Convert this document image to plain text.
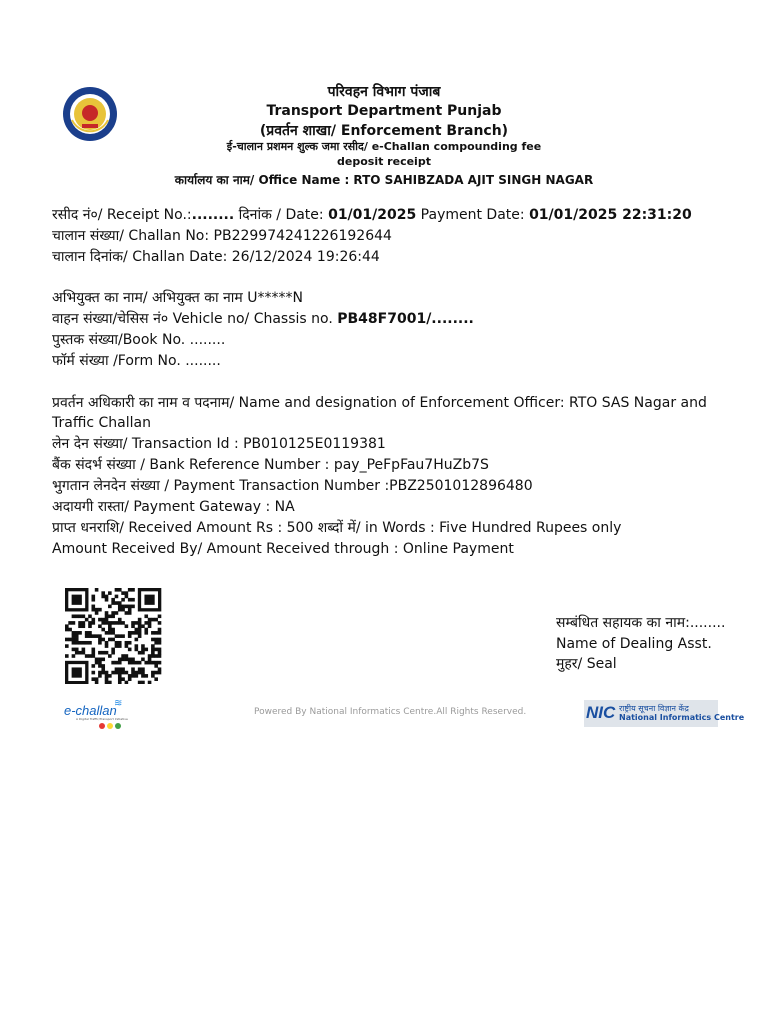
परिवहन विभाग पंजाब
Transport Department Punjab
(प्रवर्तन शाखा/ Enforcement Branch)
ई-चालान प्रशमन शुल्क जमा रसीद/ e-Challan compounding fee
deposit receipt
कार्यालय का नाम/ Office Name : RTO SAHIBZADA AJIT SINGH NAGAR
रसीद नं०/ Receipt No.:........ दिनांक / Date: 01/01/2025 Payment Date: 01/01/2025 22:31:20
चालान संख्या/ Challan No: PB229974241226192644
चालान दिनांक/ Challan Date: 26/12/2024 19:26:44
अभियुक्त का नाम/ अभियुक्त का नाम U*****N
वाहन संख्या/चेसिस नं० Vehicle no/ Chassis no. PB48F7001/........
पुस्तक संख्या/Book No. ........
फॉर्म संख्या /Form No. ........
प्रवर्तन अधिकारी का नाम व पदनाम/ Name and designation of Enforcement Officer: RTO SAS Nagar and Traffic Challan
लेन देन संख्या/ Transaction Id : PB010125E0119381
बैंक संदर्भ संख्या / Bank Reference Number : pay_PeFpFau7HuZb7S
भुगतान लेनदेन संख्या / Payment Transaction Number :PBZ2501012896480
अदायगी रास्ता/ Payment Gateway : NA
प्राप्त धनराशि/ Received Amount Rs : 500 शब्दों में/ in Words : Five Hundred Rupees only
Amount Received By/ Amount Received through : Online Payment
सम्बंधित सहायक का नाम:........
Name of Dealing Asst.
मुहर/ Seal
≋
e-challan
A Digital Traffic/Transport Initiative
Powered By National Informatics Centre.All Rights Reserved.	NIC राष्ट्रीय सूचना विज्ञान केंद्र
National Informatics Centre
